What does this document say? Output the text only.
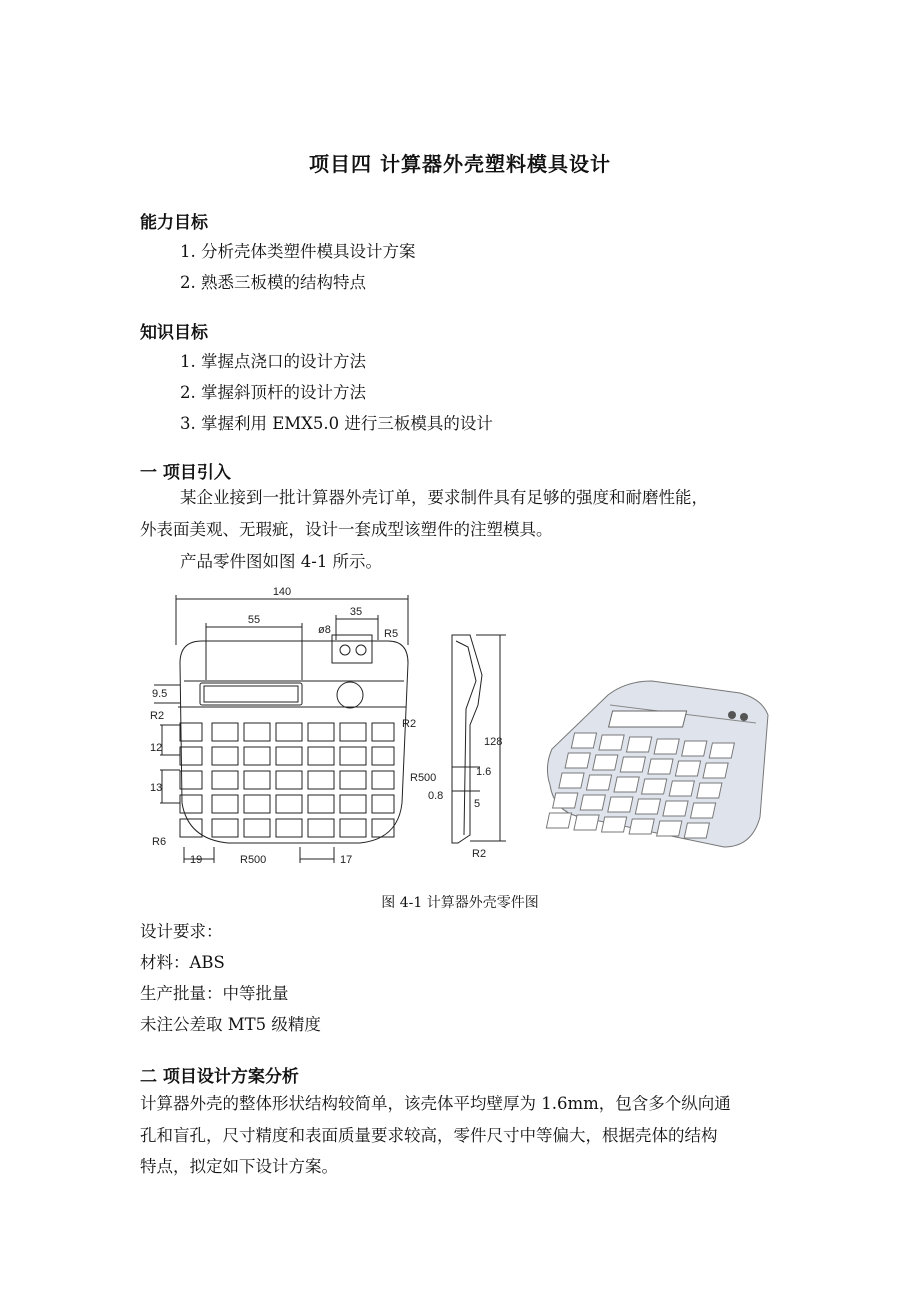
项目四 计算器外壳塑料模具设计
能力目标
1. 分析壳体类塑件模具设计方案
2. 熟悉三板模的结构特点
知识目标
1. 掌握点浇口的设计方法
2. 掌握斜顶杆的设计方法
3. 掌握利用 EMX5.0 进行三板模具的设计
一 项目引入
某企业接到一批计算器外壳订单，要求制件具有足够的强度和耐磨性能，
外表面美观、无瑕疵，设计一套成型该塑件的注塑模具。
产品零件图如图 4-1 所示。
140
55
35
ø8	R5
9.5
R2
R2
12
13
R500
R6
19	R500	17
128
1.6
0.8
5
R2
图 4-1 计算器外壳零件图
设计要求：
材料：ABS
生产批量：中等批量
未注公差取 MT5 级精度
二 项目设计方案分析
计算器外壳的整体形状结构较简单，该壳体平均壁厚为 1.6mm，包含多个纵向通
孔和盲孔，尺寸精度和表面质量要求较高，零件尺寸中等偏大，根据壳体的结构
特点，拟定如下设计方案。
